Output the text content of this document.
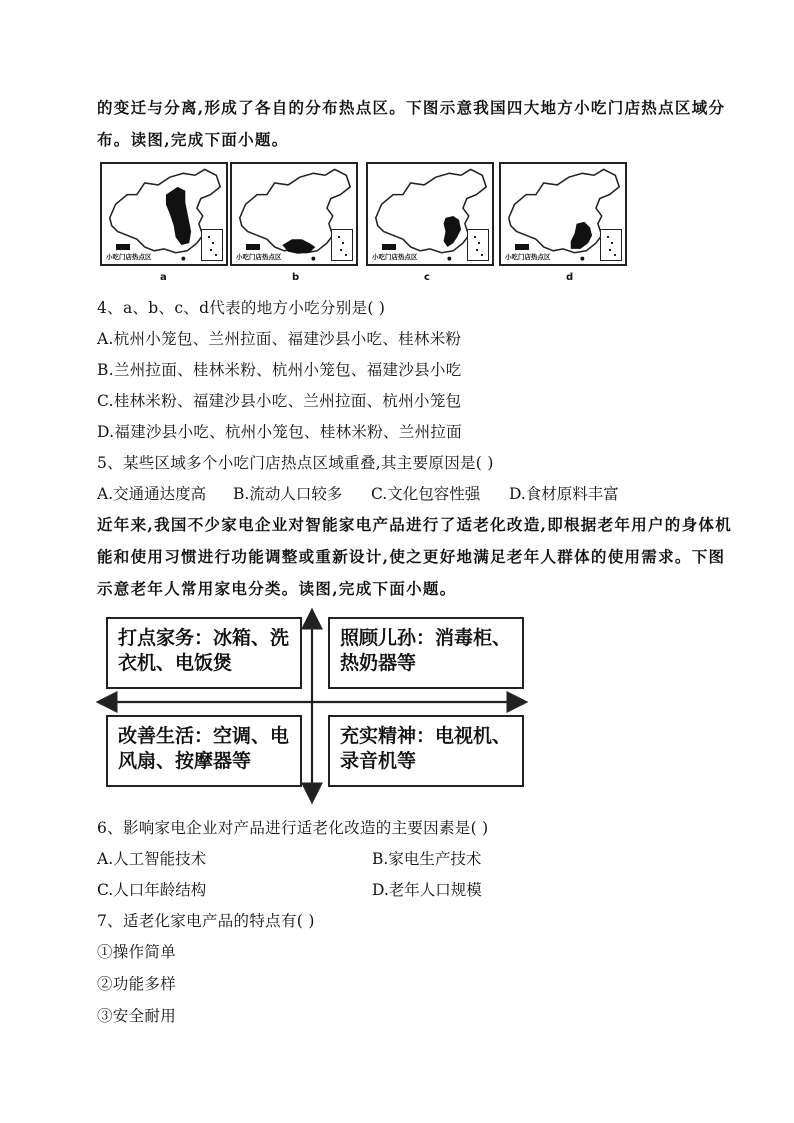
的变迁与分离,形成了各自的分布热点区。下图示意我国四大地方小吃门店热点区域分
布。读图,完成下面小题。
小吃门店热点区
a
小吃门店热点区
b
小吃门店热点区
c
小吃门店热点区
d
4、a、b、c、d代表的地方小吃分别是( )
A.杭州小笼包、兰州拉面、福建沙县小吃、桂林米粉
B.兰州拉面、桂林米粉、杭州小笼包、福建沙县小吃
C.桂林米粉、福建沙县小吃、兰州拉面、杭州小笼包
D.福建沙县小吃、杭州小笼包、桂林米粉、兰州拉面
5、某些区域多个小吃门店热点区域重叠,其主要原因是( )
A.交通通达度高 B.流动人口较多 C.文化包容性强 D.食材原料丰富
近年来,我国不少家电企业对智能家电产品进行了适老化改造,即根据老年用户的身体机
能和使用习惯进行功能调整或重新设计,使之更好地满足老年人群体的使用需求。下图
示意老年人常用家电分类。读图,完成下面小题。
打点家务：冰箱、洗
衣机、电饭煲
照顾儿孙：消毒柜、
热奶器等
改善生活：空调、电
风扇、按摩器等
充实精神：电视机、
录音机等
6、影响家电企业对产品进行适老化改造的主要因素是( )
A.人工智能技术	B.家电生产技术
C.人口年龄结构	D.老年人口规模
7、适老化家电产品的特点有( )
①操作简单
②功能多样
③安全耐用
